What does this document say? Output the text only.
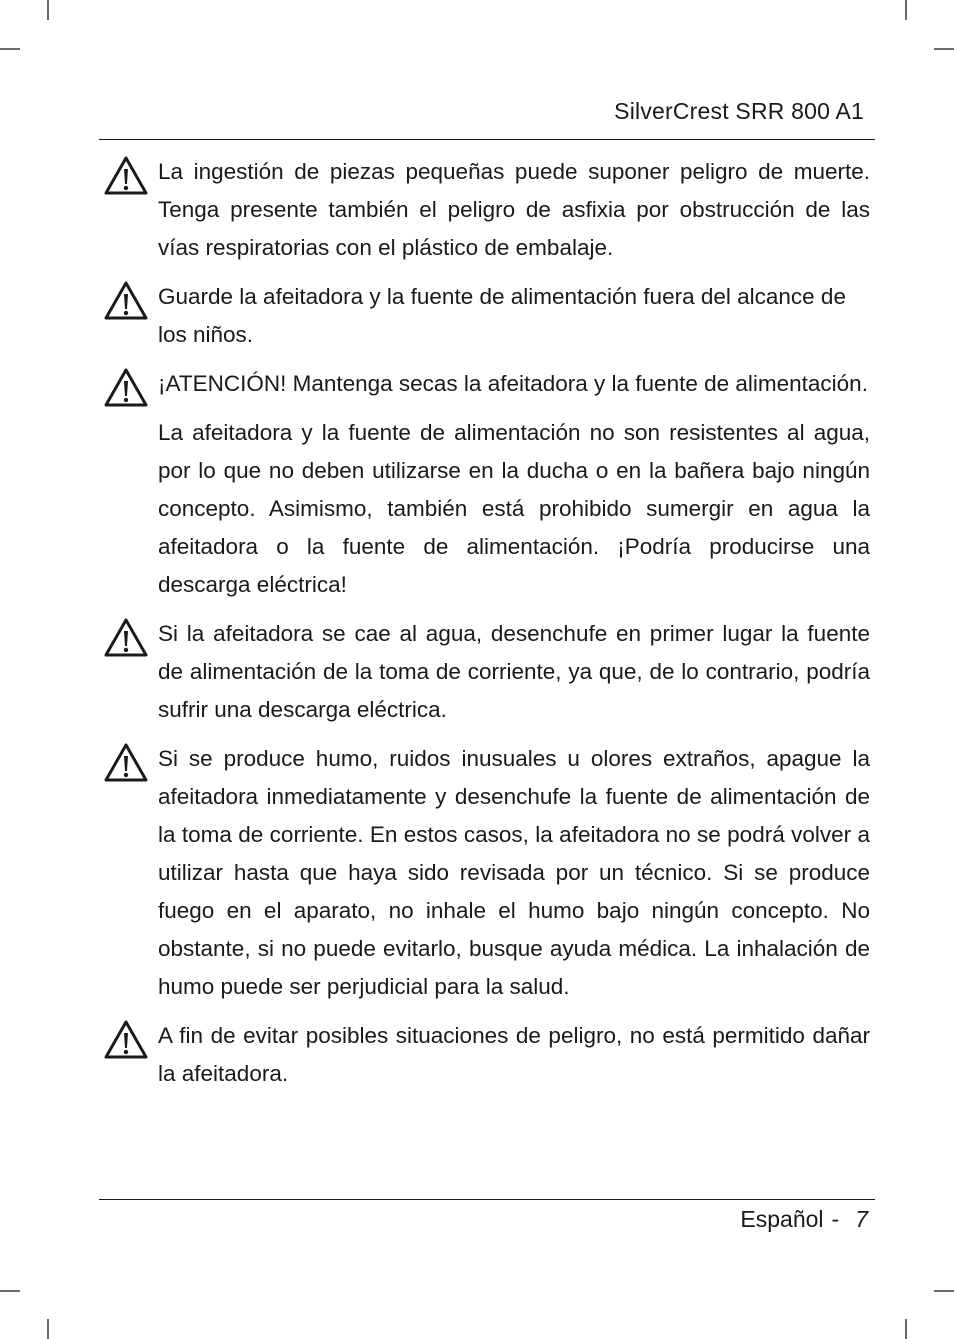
SilverCrest SRR 800 A1

La ingestión de piezas pequeñas puede suponer peligro de muerte. Tenga presente también el peligro de asfixia por obstrucción de las vías respiratorias con el plástico de embalaje.

Guarde la afeitadora y la fuente de alimentación fuera del alcance de los niños.

¡ATENCIÓN! Mantenga secas la afeitadora y la fuente de alimentación.

La afeitadora y la fuente de alimentación no son resistentes al agua, por lo que no deben utilizarse en la ducha o en la bañera bajo ningún concepto. Asimismo, también está prohibido sumergir en agua la afeitadora o la fuente de alimentación. ¡Podría producirse una descarga eléctrica!

Si la afeitadora se cae al agua, desenchufe en primer lugar la fuente de alimentación de la toma de corriente, ya que, de lo contrario, podría sufrir una descarga eléctrica.

Si se produce humo, ruidos inusuales u olores extraños, apague la afeitadora inmediatamente y desenchufe la fuente de alimentación de la toma de corriente. En estos casos, la afeitadora no se podrá volver a utilizar hasta que haya sido revisada por un técnico. Si se produce fuego en el aparato, no inhale el humo bajo ningún concepto. No obstante, si no puede evitarlo, busque ayuda médica. La inhalación de humo puede ser perjudicial para la salud.

A fin de evitar posibles situaciones de peligro, no está permitido dañar la afeitadora.

Español - 7
